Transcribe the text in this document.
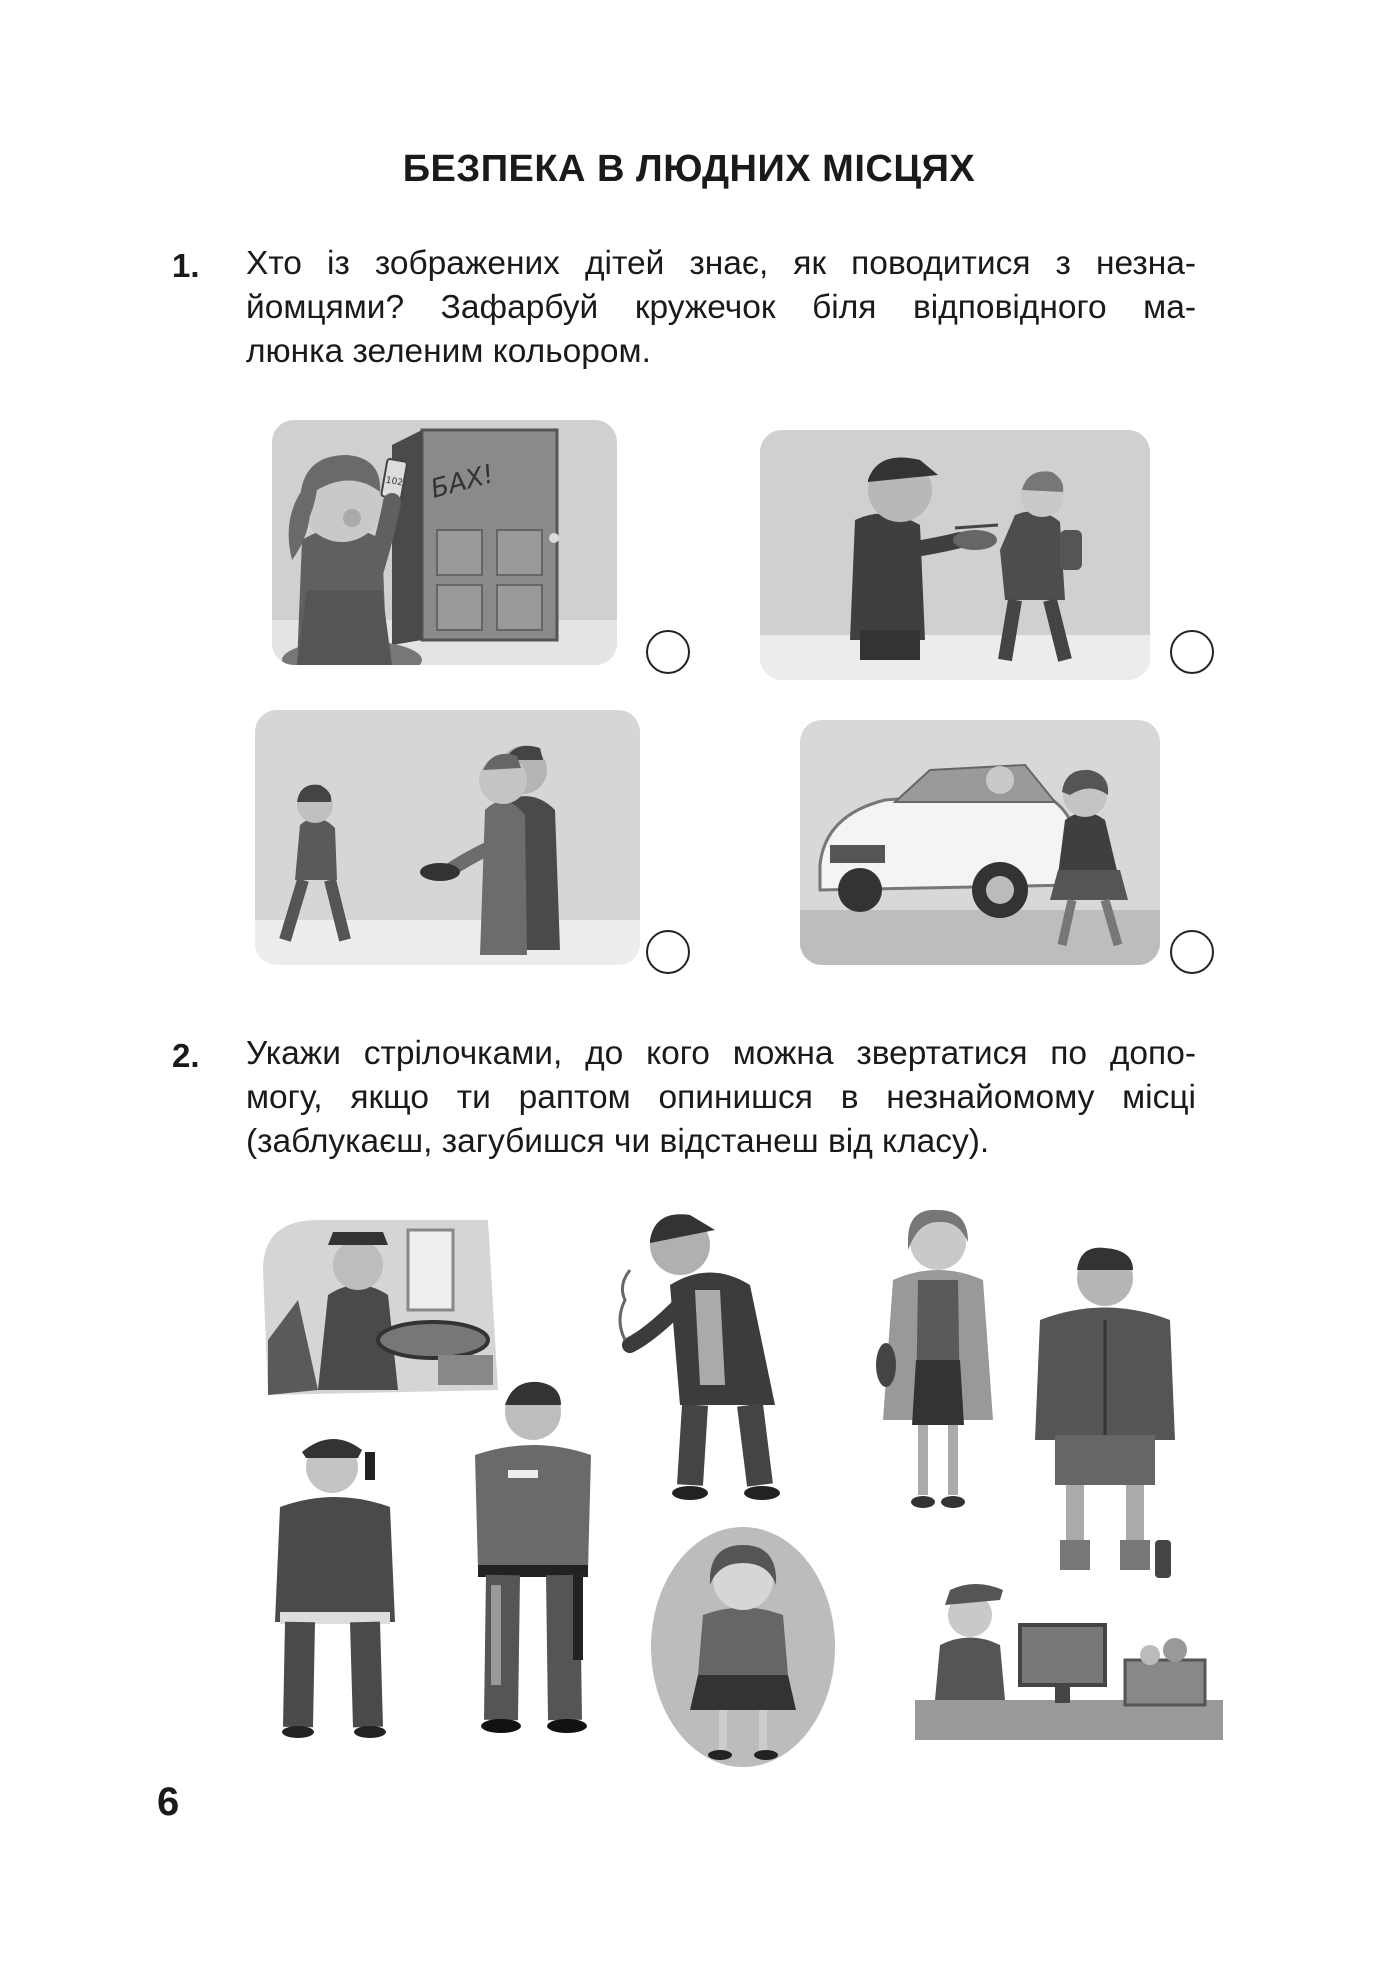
БЕЗПЕКА В ЛЮДНИХ МІСЦЯХ
1. Хто із зображених дітей знає, як поводитися з незна-
йомцями? Зафарбуй кружечок біля відповідного ма-
люнка зеленим кольором.
БАХ!
102
2. Укажи стрілочками, до кого можна звертатися по допо-
могу, якщо ти раптом опинишся в незнайомому місці
(заблукаєш, загубишся чи відстанеш від класу).
6
